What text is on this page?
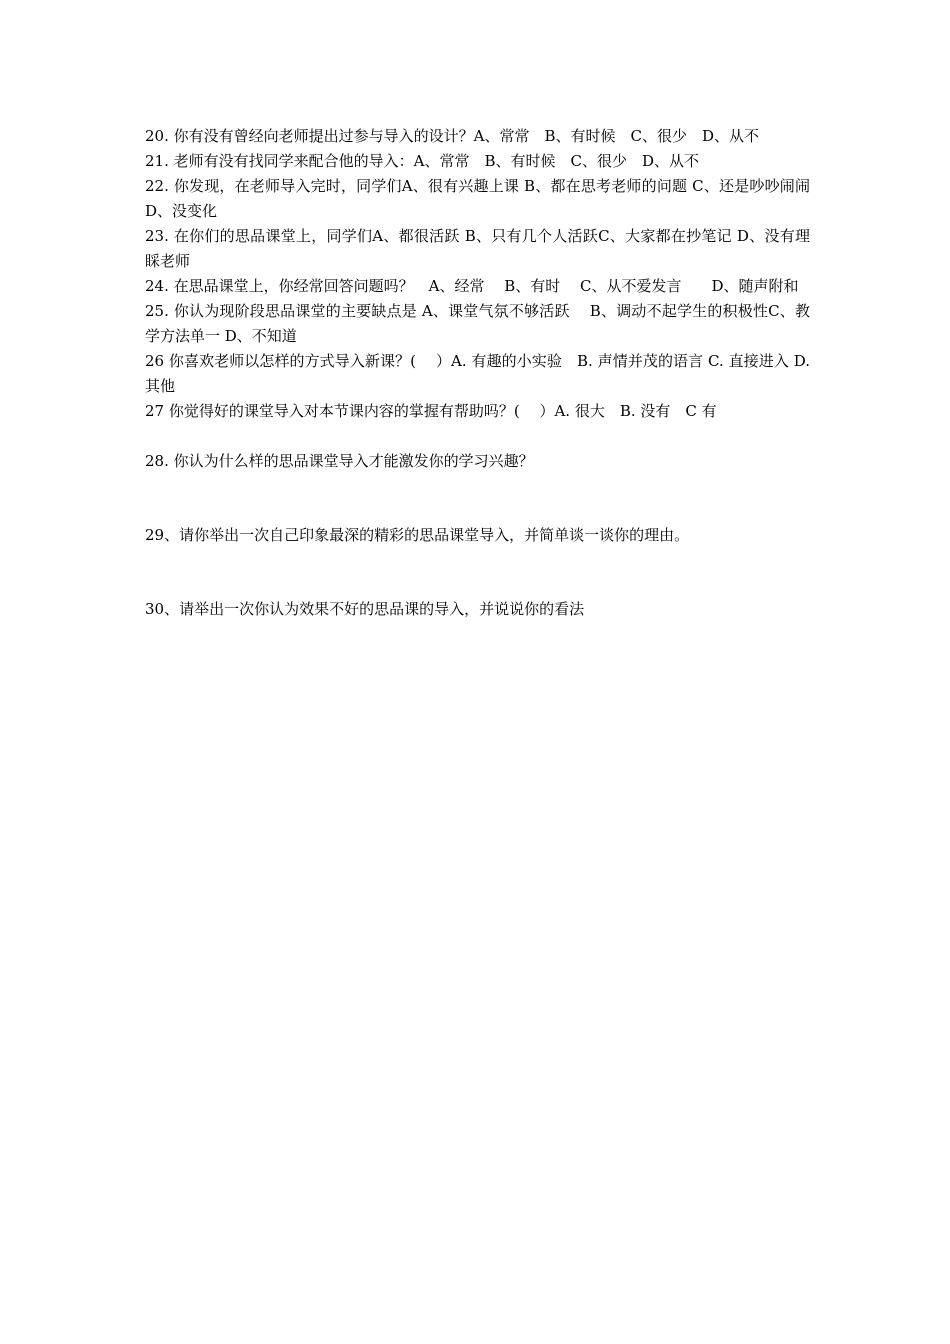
20. 你有没有曾经向老师提出过参与导入的设计？A、常常　B、有时候　C、很少　D、从不

21. 老师有没有找同学来配合他的导入：A、常常　B、有时候　C、很少　D、从不

22. 你发现，在老师导入完时，同学们A、很有兴趣上课 B、都在思考老师的问题 C、还是吵吵闹闹 D、没变化

23. 在你们的思品课堂上，同学们A、都很活跃 B、只有几个人活跃C、大家都在抄笔记 D、没有理睬老师

24. 在思品课堂上，你经常回答问题吗？　A、经常　 B、有时　 C、从不爱发言　　D、随声附和

25. 你认为现阶段思品课堂的主要缺点是 A、课堂气氛不够活跃　 B、调动不起学生的积极性C、教学方法单一 D、不知道

26 你喜欢老师以怎样的方式导入新课？(　 ）A. 有趣的小实验　B. 声情并茂的语言 C. 直接进入 D. 其他

27 你觉得好的课堂导入对本节课内容的掌握有帮助吗？(　 ）A. 很大　B. 没有　C 有

28. 你认为什么样的思品课堂导入才能激发你的学习兴趣？

29、请你举出一次自己印象最深的精彩的思品课堂导入，并简单谈一谈你的理由。

30、请举出一次你认为效果不好的思品课的导入，并说说你的看法
